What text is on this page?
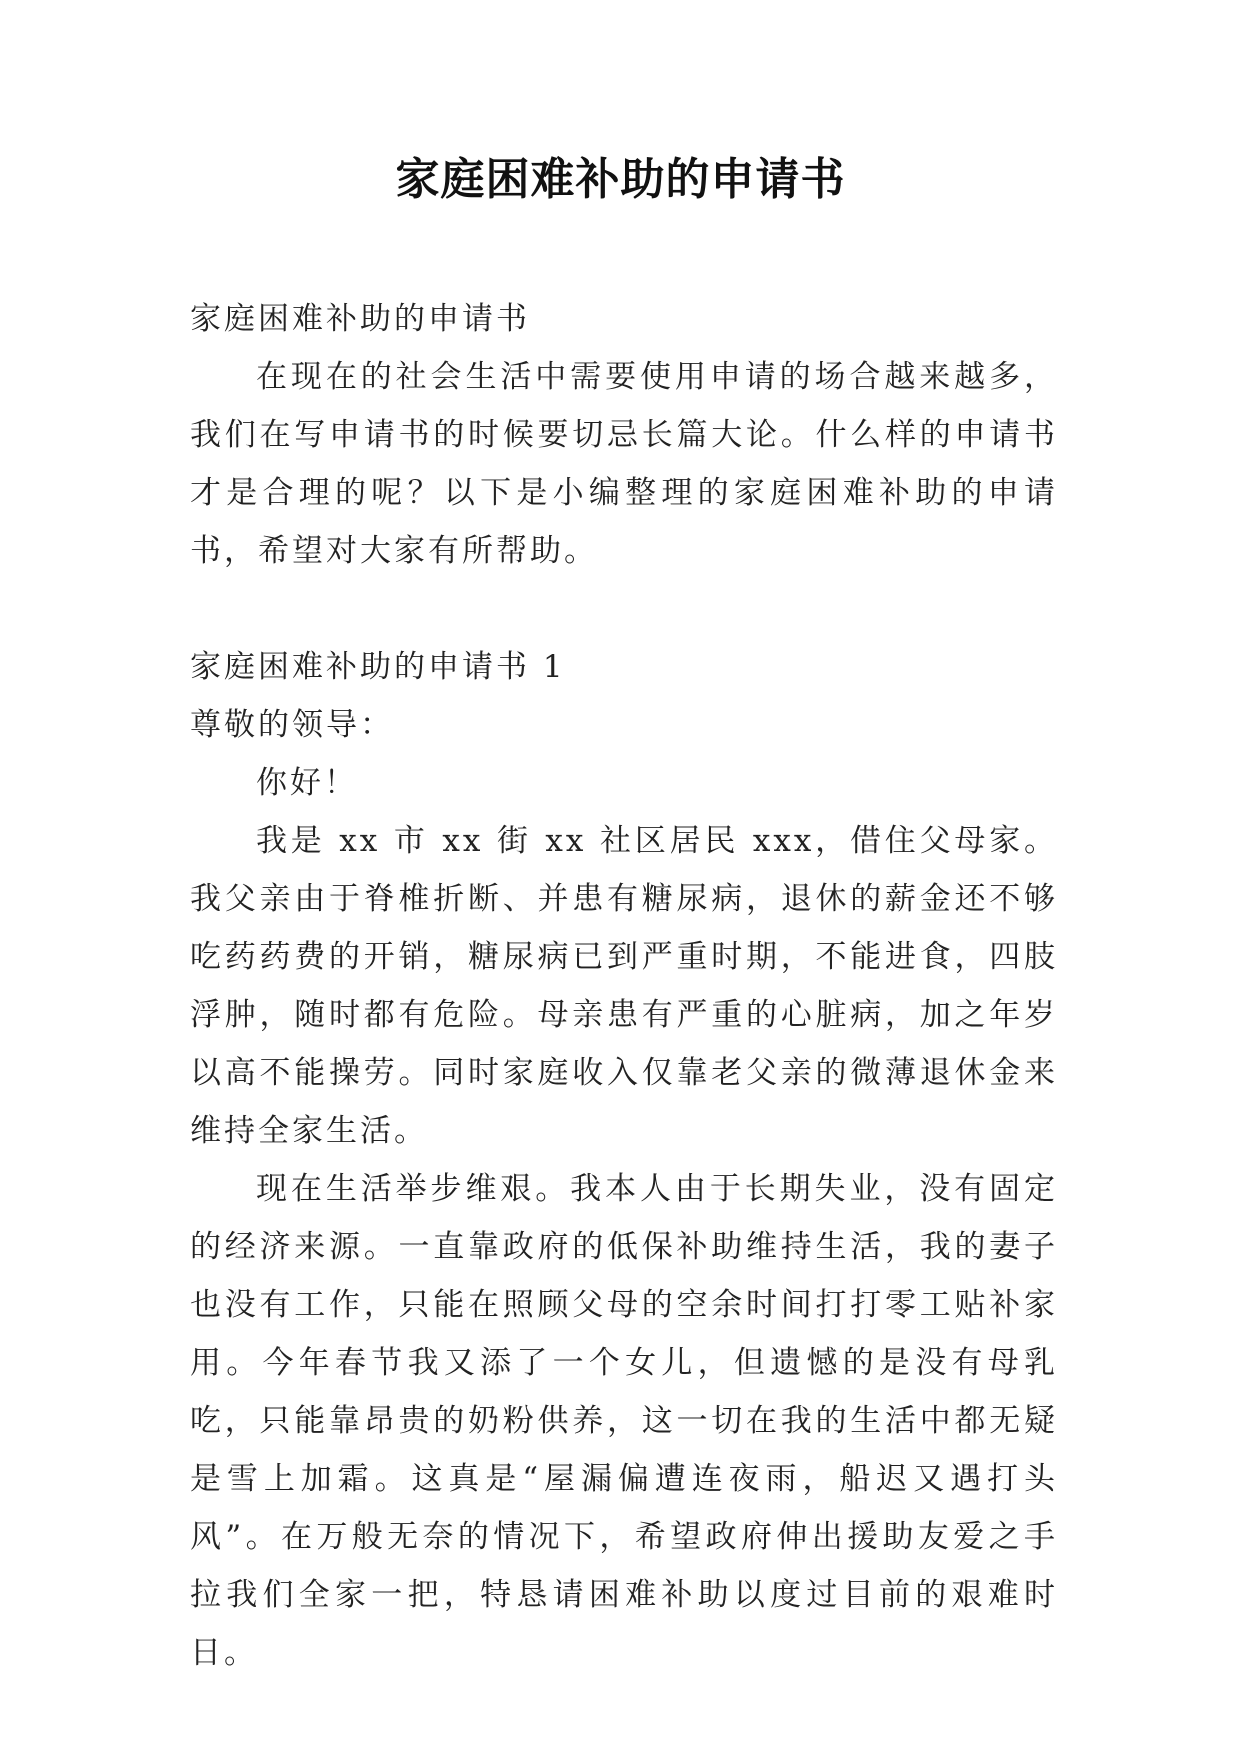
家庭困难补助的申请书

家庭困难补助的申请书

在现在的社会生活中需要使用申请的场合越来越多，我们在写申请书的时候要切忌长篇大论。什么样的申请书才是合理的呢？以下是小编整理的家庭困难补助的申请书，希望对大家有所帮助。

家庭困难补助的申请书 1

尊敬的领导：

你好！

我是 xx 市 xx 街 xx 社区居民 xxx，借住父母家。我父亲由于脊椎折断、并患有糖尿病，退休的薪金还不够吃药药费的开销，糖尿病已到严重时期，不能进食，四肢浮肿，随时都有危险。母亲患有严重的心脏病，加之年岁以高不能操劳。同时家庭收入仅靠老父亲的微薄退休金来维持全家生活。

现在生活举步维艰。我本人由于长期失业，没有固定的经济来源。一直靠政府的低保补助维持生活，我的妻子也没有工作，只能在照顾父母的空余时间打打零工贴补家用。今年春节我又添了一个女儿，但遗憾的是没有母乳吃，只能靠昂贵的奶粉供养，这一切在我的生活中都无疑是雪上加霜。这真是“屋漏偏遭连夜雨，船迟又遇打头风”。在万般无奈的情况下，希望政府伸出援助友爱之手拉我们全家一把，特恳请困难补助以度过目前的艰难时日。
